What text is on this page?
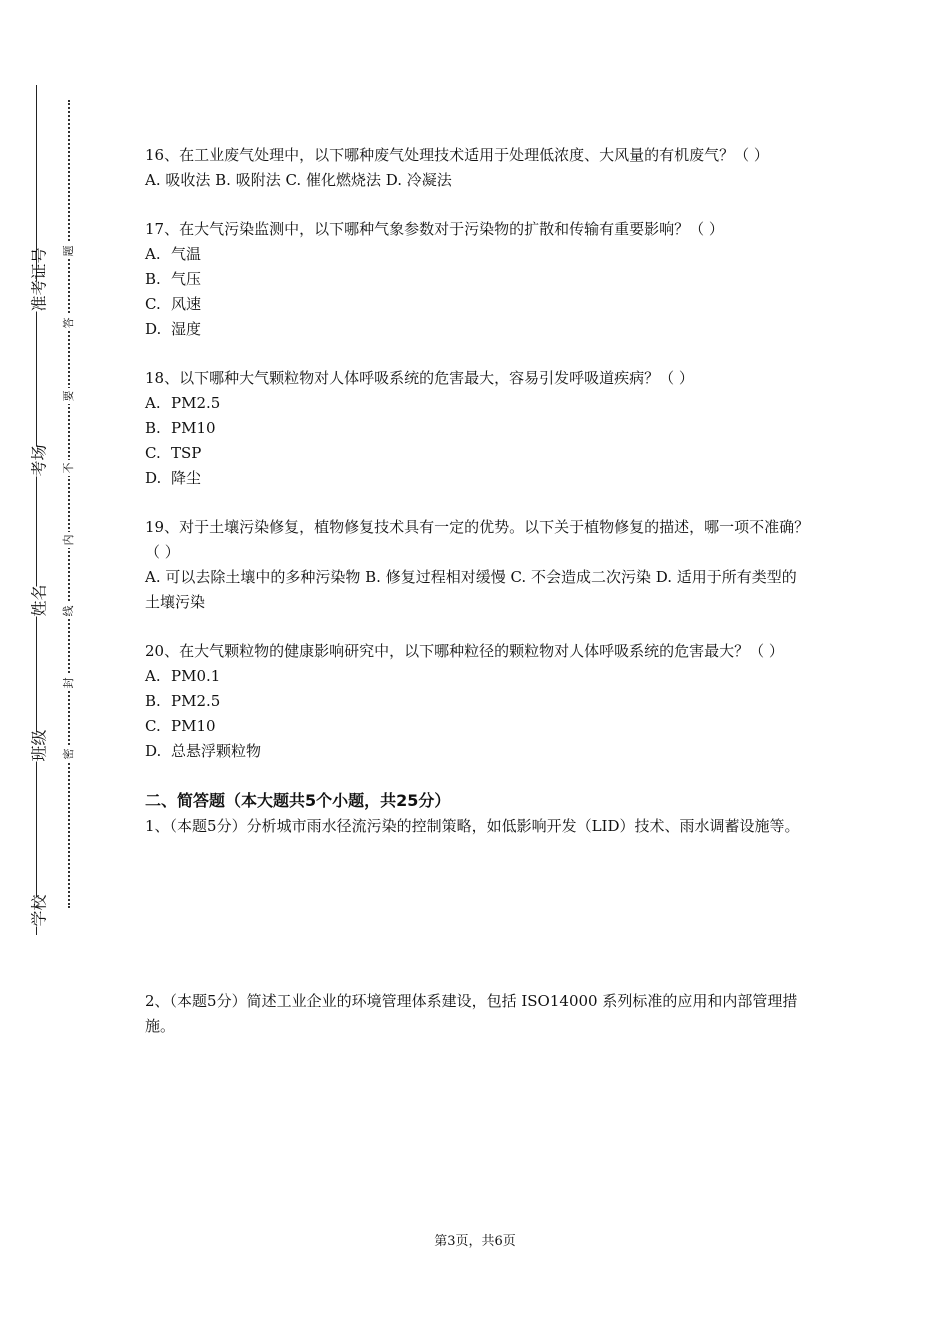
准考证号
考场
姓名
班级
学校
题
答
要
不
内
线
封
密

16、在工业废气处理中，以下哪种废气处理技术适用于处理低浓度、大风量的有机废气？（ ）

A. 吸收法 B. 吸附法 C. 催化燃烧法 D. 冷凝法

17、在大气污染监测中，以下哪种气象参数对于污染物的扩散和传输有重要影响？（ ）

A. 气温
B. 气压
C. 风速
D. 湿度

18、以下哪种大气颗粒物对人体呼吸系统的危害最大，容易引发呼吸道疾病？（ ）

A. PM2.5
B. PM10
C. TSP
D. 降尘

19、对于土壤污染修复，植物修复技术具有一定的优势。以下关于植物修复的描述，哪一项不准确？（ ）

A. 可以去除土壤中的多种污染物 B. 修复过程相对缓慢 C. 不会造成二次污染 D. 适用于所有类型的土壤污染

20、在大气颗粒物的健康影响研究中，以下哪种粒径的颗粒物对人体呼吸系统的危害最大？（ ）

A. PM0.1
B. PM2.5
C. PM10
D. 总悬浮颗粒物
二、简答题（本大题共5个小题，共25分）

1、（本题5分）分析城市雨水径流污染的控制策略，如低影响开发（LID）技术、雨水调蓄设施等。

2、（本题5分）简述工业企业的环境管理体系建设，包括 ISO14000 系列标准的应用和内部管理措施。

第3页，共6页
